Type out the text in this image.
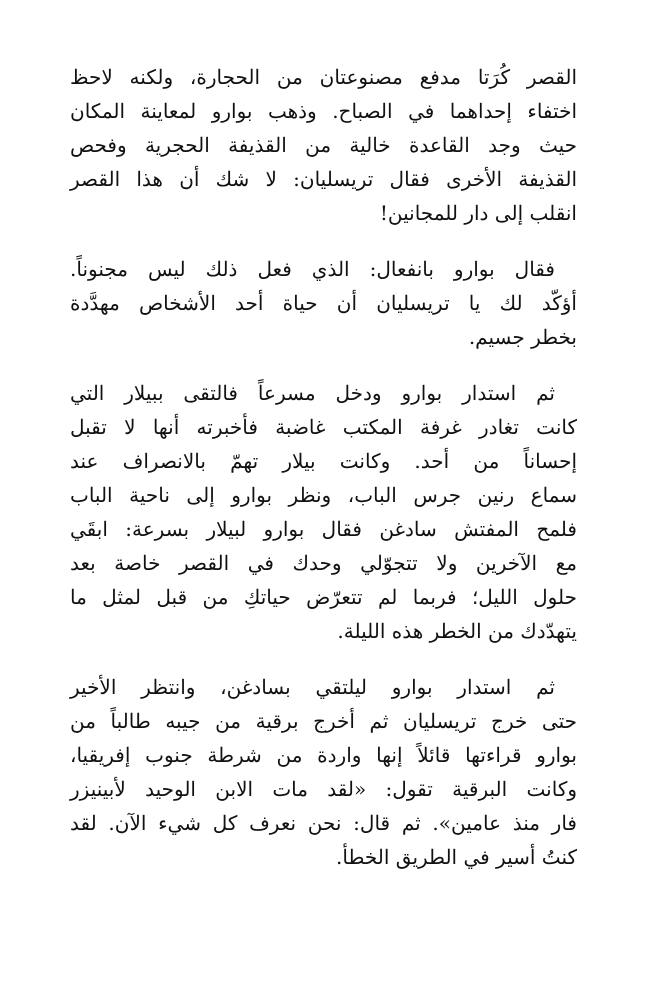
القصر كُرَتا مدفع مصنوعتان من الحجارة، ولكنه لاحظ
اختفاء إحداهما في الصباح. وذهب بوارو لمعاينة المكان
حيث وجد القاعدة خالية من القذيفة الحجرية وفحص
القذيفة الأخرى فقال تريسليان: لا شك أن هذا القصر
انقلب إلى دار للمجانين!

فقال بوارو بانفعال: الذي فعل ذلك ليس مجنوناً.
أؤكّد لك يا تريسليان أن حياة أحد الأشخاص مهدَّدة
بخطر جسيم.

ثم استدار بوارو ودخل مسرعاً فالتقى ببيلار التي
كانت تغادر غرفة المكتب غاضبة فأخبرته أنها لا تقبل
إحساناً من أحد. وكانت بيلار تهمّ بالانصراف عند
سماع رنين جرس الباب، ونظر بوارو إلى ناحية الباب
فلمح المفتش سادغن فقال بوارو لبيلار بسرعة: ابقَي
مع الآخرين ولا تتجوّلي وحدك في القصر خاصة بعد
حلول الليل؛ فربما لم تتعرّض حياتكِ من قبل لمثل ما
يتهدّدك من الخطر هذه الليلة.

ثم استدار بوارو ليلتقي بسادغن، وانتظر الأخير
حتى خرج تريسليان ثم أخرج برقية من جيبه طالباً من
بوارو قراءتها قائلاً إنها واردة من شرطة جنوب إفريقيا،
وكانت البرقية تقول: «لقد مات الابن الوحيد لأبينيزر
فار منذ عامين». ثم قال: نحن نعرف كل شيء الآن. لقد
كنتُ أسير في الطريق الخطأ.
